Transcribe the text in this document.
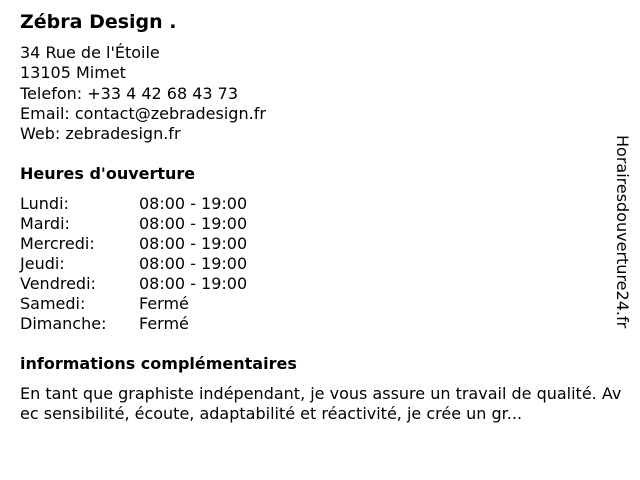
Zébra Design .
34 Rue de l'Étoile
13105 Mimet
Telefon: +33 4 42 68 43 73
Email: contact@zebradesign.fr
Web: zebradesign.fr
Heures d'ouverture
Lundi:	08:00 - 19:00
Mardi:	08:00 - 19:00
Mercredi:	08:00 - 19:00
Jeudi:	08:00 - 19:00
Vendredi:	08:00 - 19:00
Samedi:	Fermé
Dimanche: Fermé
informations complémentaires
En tant que graphiste indépendant, je vous assure un travail de qualité. Avec sensibilité, écoute, adaptabilité et réactivité, je crée un gr...
Horairesdouverture24.fr
